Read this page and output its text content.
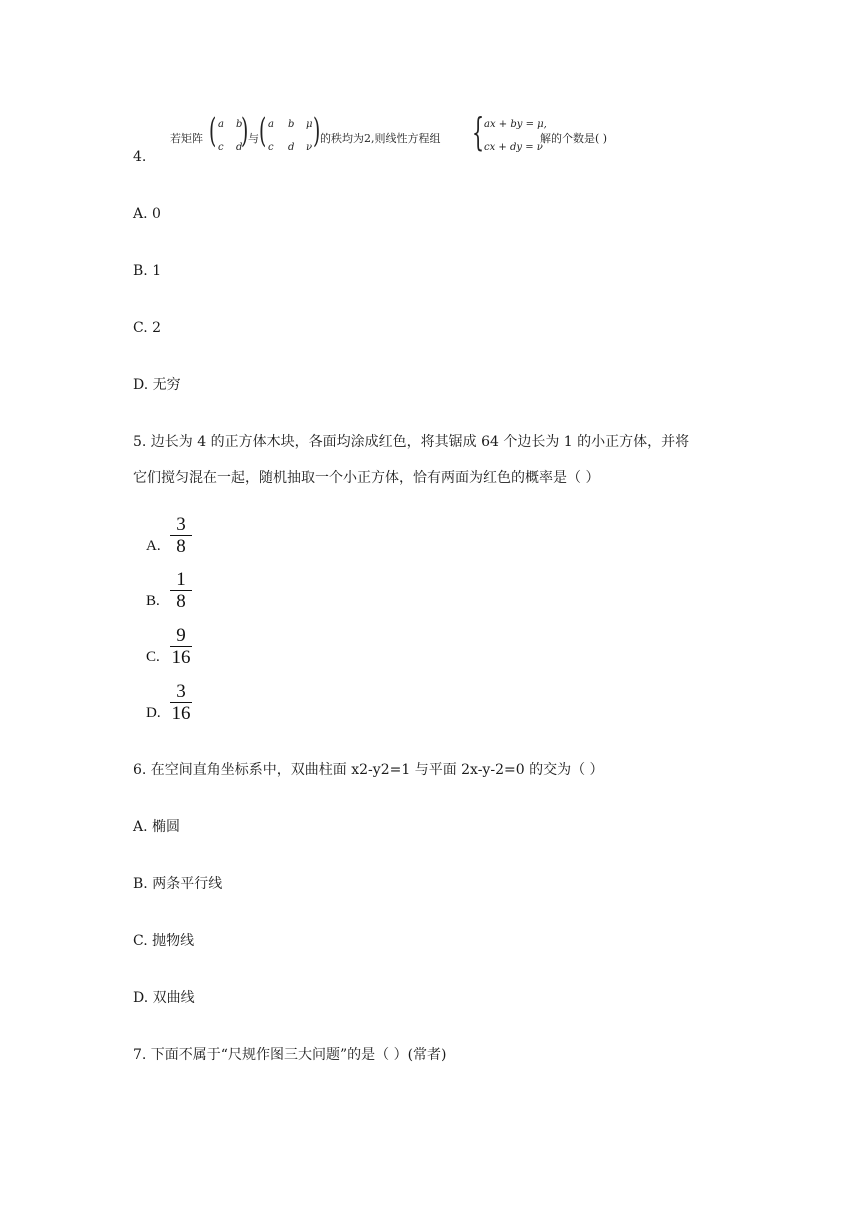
若矩阵 ( a b
c d
) 与 ( a b μ
c d ν ) 的秩均为2,则线性方程组 { ax + by = μ,
cx + dy = ν
解的个数是( )
4.
A. 0
B. 1
C. 2
D. 无穷
5. 边长为 4 的正方体木块，各面均涂成红色，将其锯成 64 个边长为 1 的小正方体，并将
它们搅匀混在一起，随机抽取一个小正方体，恰有两面为红色的概率是（ ）
A.
3
8
B.
1
8
C.
9
16
D.
3
16
6. 在空间直角坐标系中，双曲柱面 x2-y2=1 与平面 2x-y-2=0 的交为（ ）
A. 椭圆
B. 两条平行线
C. 抛物线
D. 双曲线
7. 下面不属于“尺规作图三大问题”的是（ ）(常者)
